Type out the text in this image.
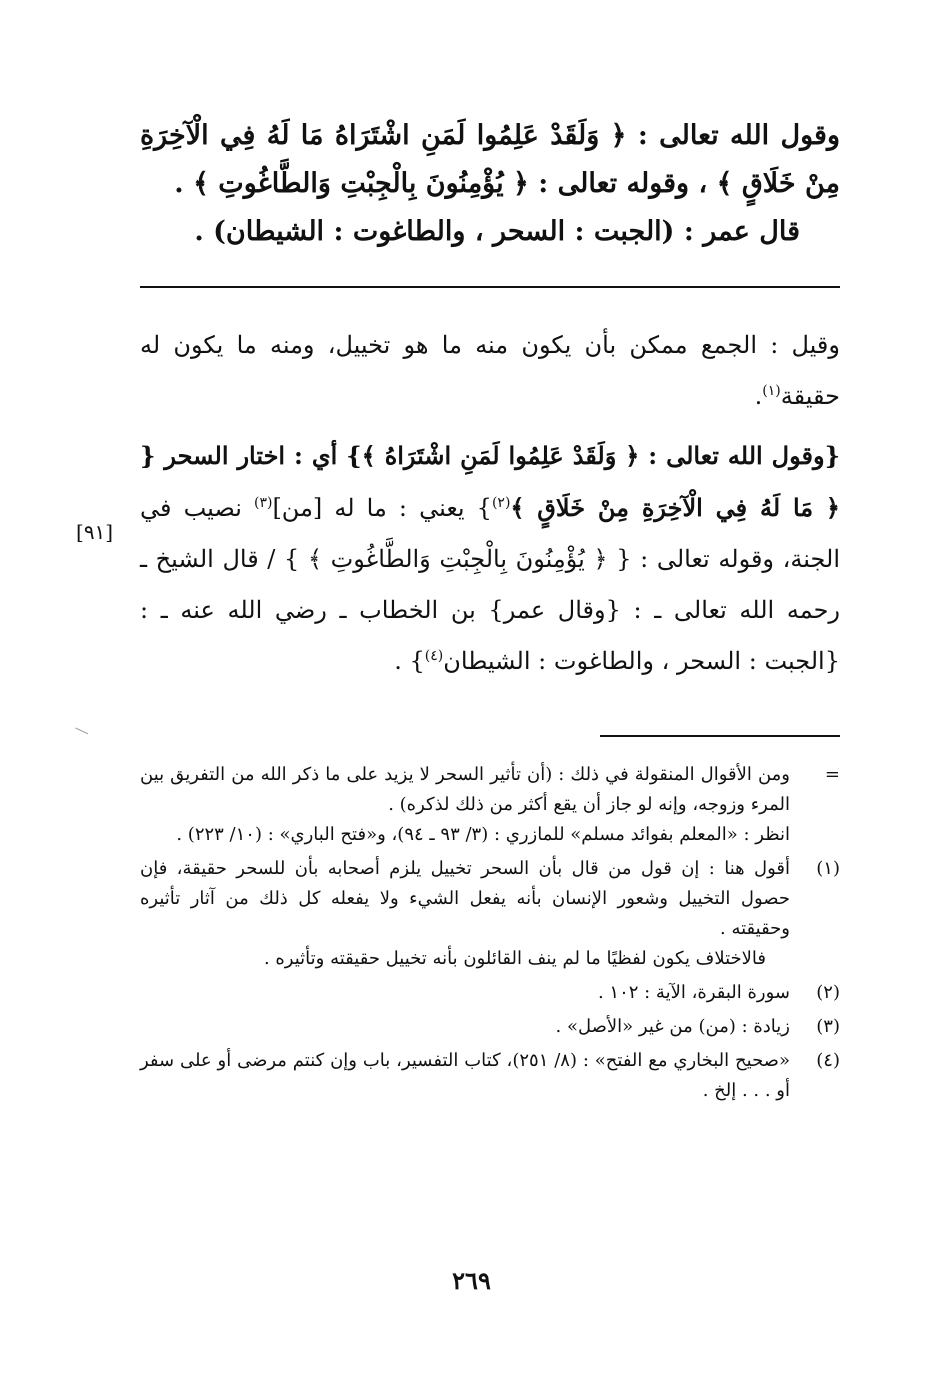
وقول الله تعالى : ﴿ وَلَقَدْ عَلِمُوا لَمَنِ اشْتَرَاهُ مَا لَهُ فِي الْآخِرَةِ مِنْ خَلَاقٍ ﴾ ، وقوله تعالى : ﴿ يُؤْمِنُونَ بِالْجِبْتِ وَالطَّاغُوتِ ﴾ .

قال عمر : (الجبت : السحر ، والطاغوت : الشيطان) .

وقيل : الجمع ممكن بأن يكون منه ما هو تخييل، ومنه ما يكون له حقيقة$^{(١)}$.

{وقول الله تعالى : ﴿ وَلَقَدْ عَلِمُوا لَمَنِ اشْتَرَاهُ ﴾} أي : اختار السحر { ﴿ مَا لَهُ فِي الْآخِرَةِ مِنْ خَلَاقٍ ﴾$^{(٢)}$} يعني : ما له [من]$^{(٣)}$ نصيب في الجنة، وقوله تعالى : { ﴿ يُؤْمِنُونَ بِالْجِبْتِ وَالطَّاغُوتِ ﴾ } / قال الشيخ ـ رحمه الله تعالى ـ : {وقال عمر} بن الخطاب ـ رضي الله عنه ـ : {الجبت : السحر ، والطاغوت : الشيطان$^{(٤)}$} .

[٩١]
=

ومن الأقوال المنقولة في ذلك : (أن تأثير السحر لا يزيد على ما ذكر الله من التفريق بين المرء وزوجه، وإنه لو جاز أن يقع أكثر من ذلك لذكره) .

انظر : «المعلم بفوائد مسلم» للمازري : (٣/ ٩٣ ـ ٩٤)، و«فتح الباري» : (١٠/ ٢٢٣) .

(١)

أقول هنا : إن قول من قال بأن السحر تخييل يلزم أصحابه بأن للسحر حقيقة، فإن حصول التخييل وشعور الإنسان بأنه يفعل الشيء ولا يفعله كل ذلك من آثار تأثيره وحقيقته .

فالاختلاف يكون لفظيًا ما لم ينف القائلون بأنه تخييل حقيقته وتأثيره .

(٢)
سورة البقرة، الآية : ١٠٢ .
(٣)
زيادة : (من) من غير «الأصل» .
(٤)
«صحيح البخاري مع الفتح» : (٨/ ٢٥١)، كتاب التفسير، باب وإن كنتم مرضى أو على سفر أو . . . إلخ .
٢٦٩
